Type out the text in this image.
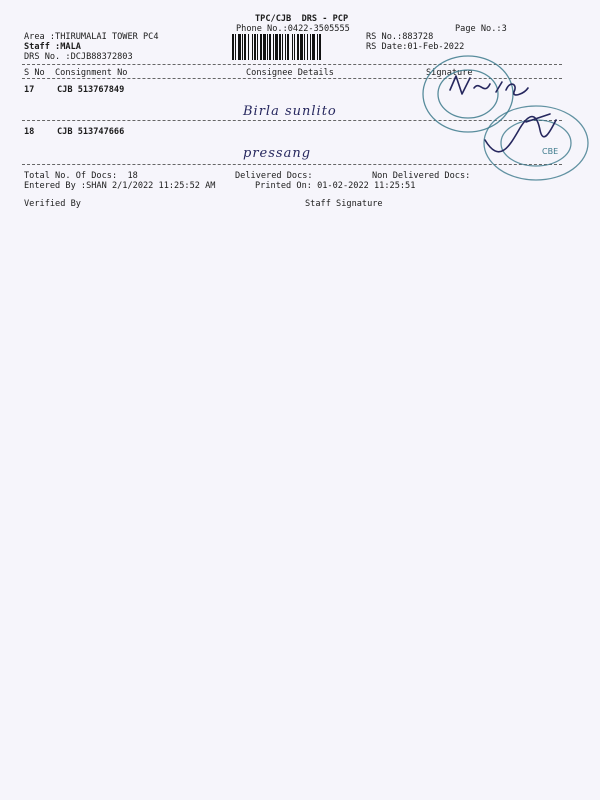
TPC/CJB  DRS - PCP
Phone No.:0422-3505555	Page No.:3
Area :THIRUMALAI TOWER PC4
Staff :MALA
DRS No. :DCJB88372803
RS No.:883728
RS Date:01-Feb-2022
S No Consignment No	Consignee Details	Signature
17	CJB 513767849
Birla sunlito
18	CJB 513747666
pressang
Total No. Of Docs:  18	Delivered Docs:	Non Delivered Docs:
Entered By :SHAN 2/1/2022 11:25:52 AM	Printed On: 01-02-2022 11:25:51
Verified By	Staff Signature
CBE
